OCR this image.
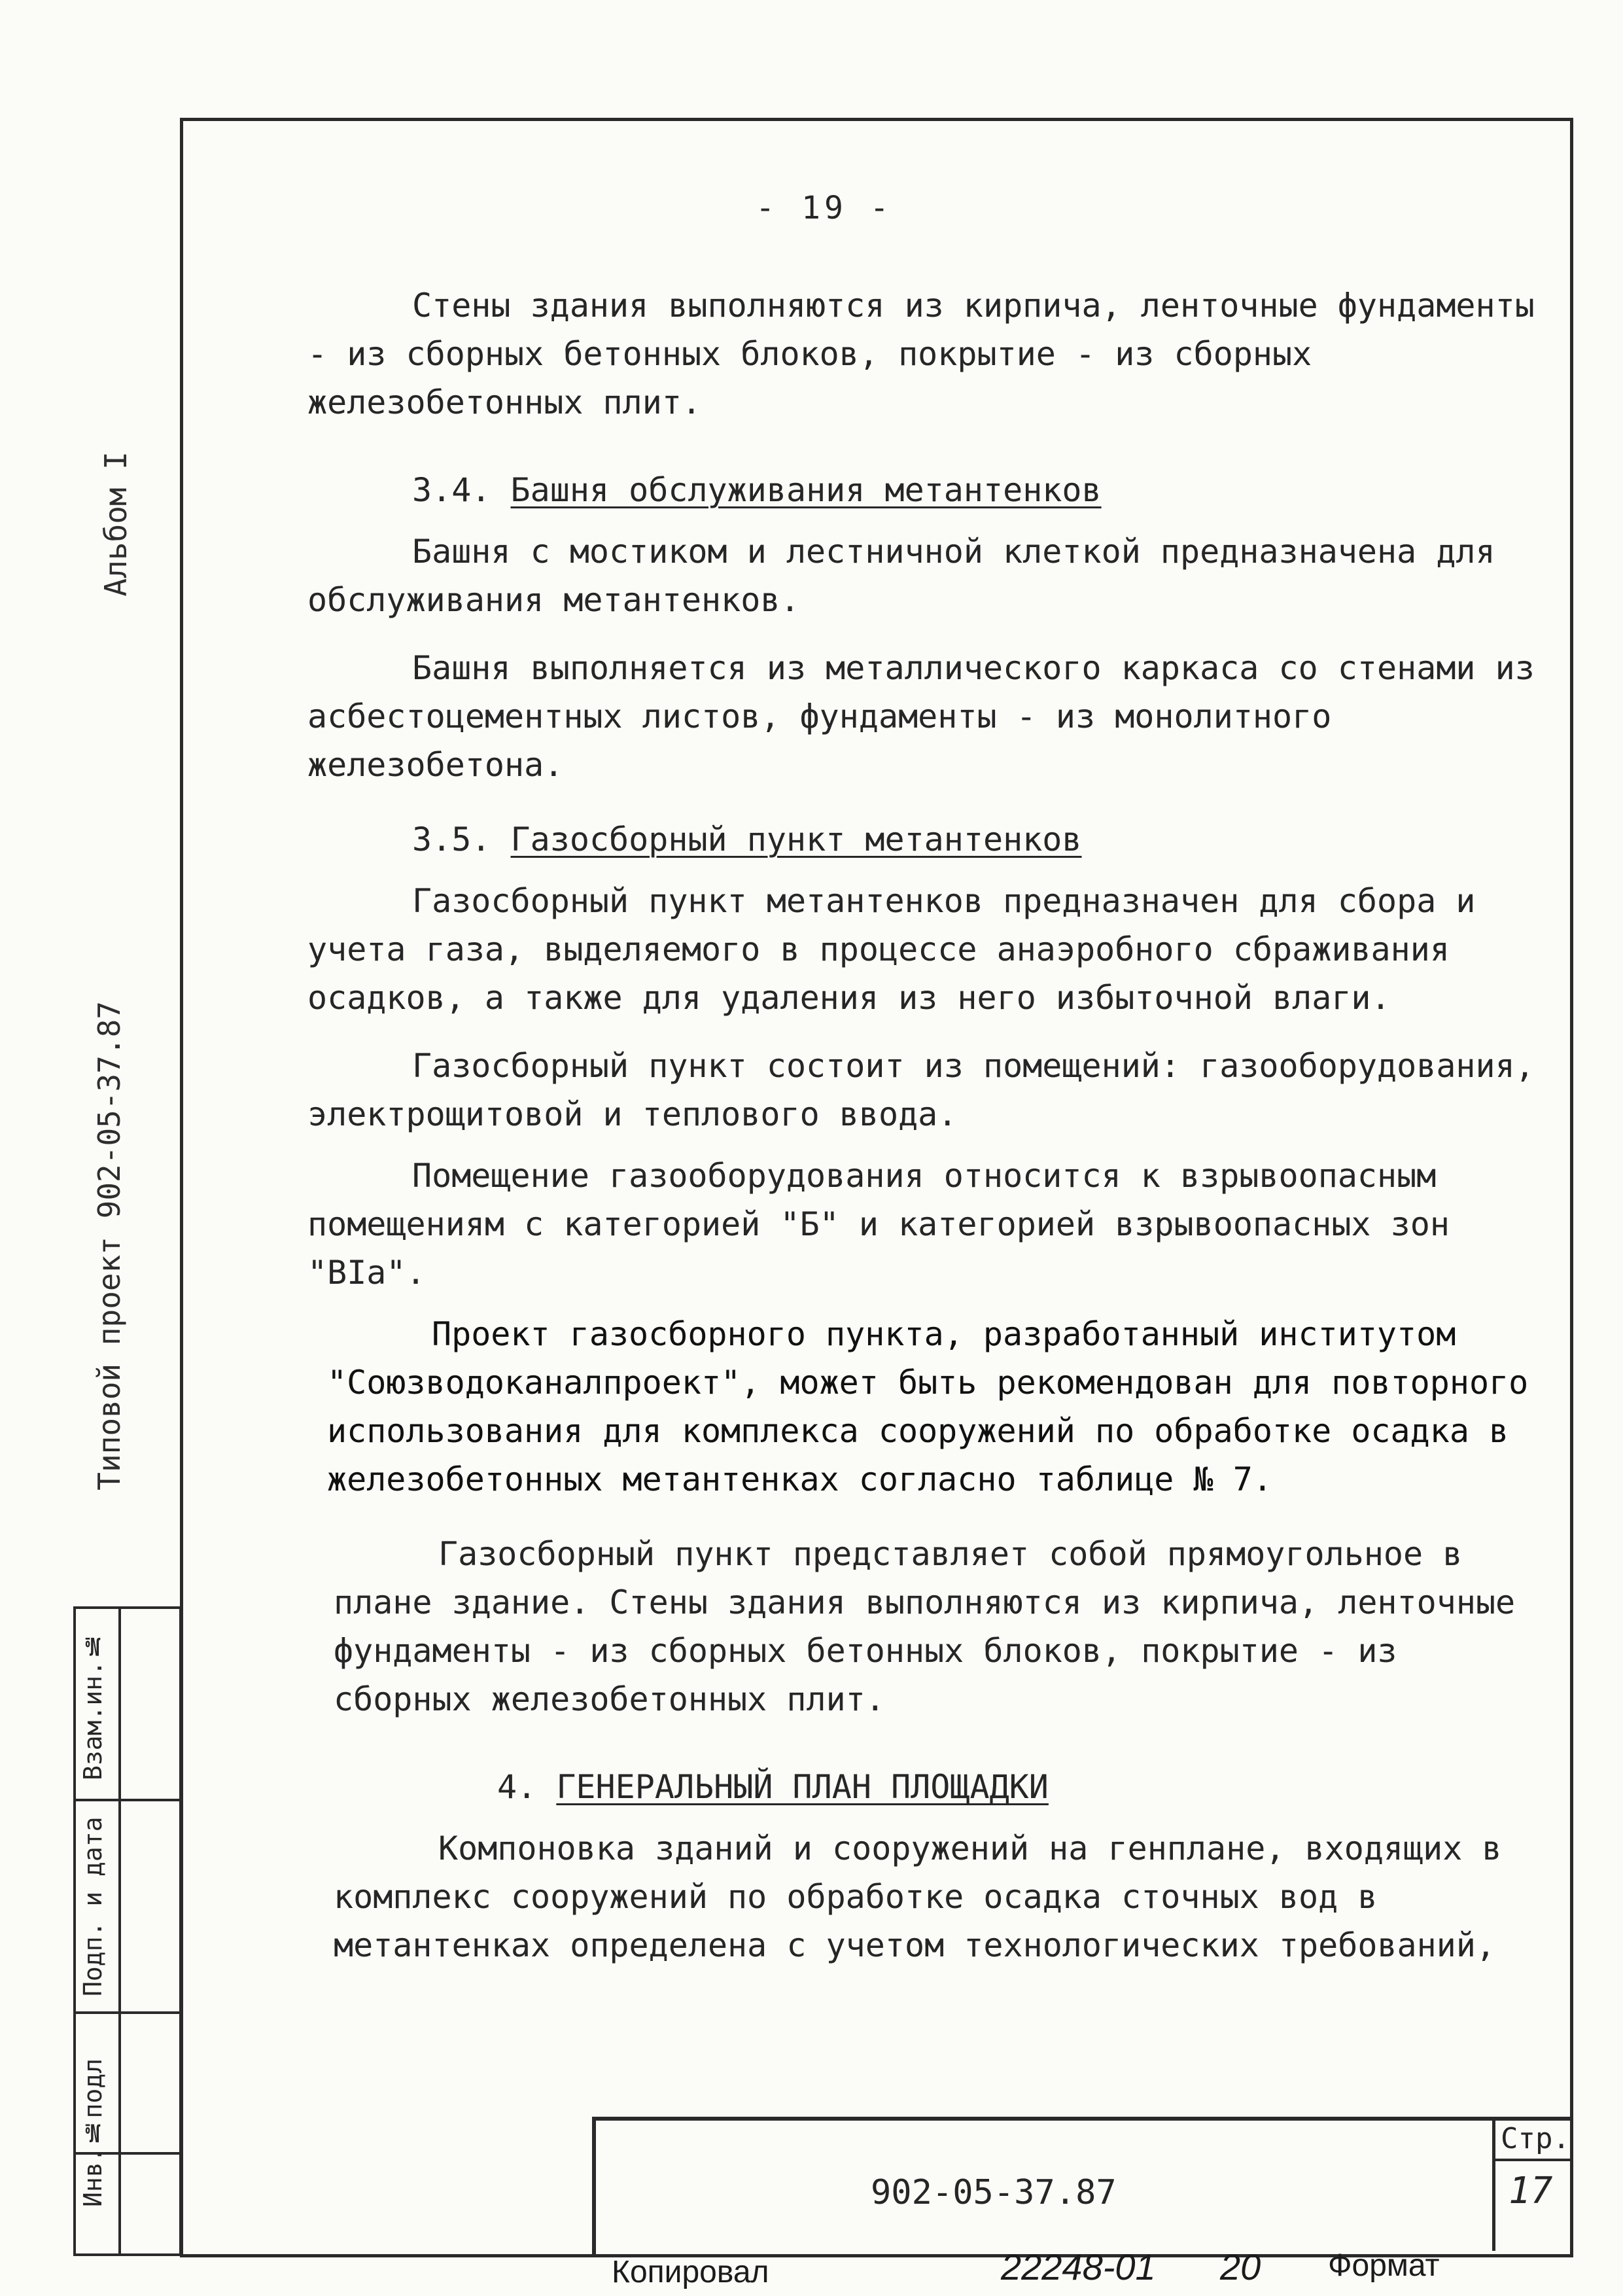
- 19 -
Альбом I
Типовой проект 902-05-37.87
Взам.ин.№
Подп. и дата
Инв.№подл

Стены здания выполняются из кирпича, ленточные фундаменты - из сборных бетонных блоков, покрытие - из сборных железобетонных плит.

3.4. Башня обслуживания метантенков

Башня с мостиком и лестничной клеткой предназначена для обслуживания метантенков.

Башня выполняется из металлического каркаса со стенами из асбестоцементных листов, фундаменты - из монолитного железобетона.

3.5. Газосборный пункт метантенков

Газосборный пункт метантенков предназначен для сбора и учета газа, выделяемого в процессе анаэробного сбраживания осадков, а также для удаления из него избыточной влаги.

Газосборный пункт состоит из помещений: газооборудования, электрощитовой и теплового ввода.

Помещение газооборудования относится к взрывоопасным помещениям с категорией "Б" и категорией взрывоопасных зон "BIa".

Проект газосборного пункта, разработанный институтом "Союзводоканалпроект", может быть рекомендован для повторного использования для комплекса сооружений по обработке осадка в железобетонных метантенках согласно таблице № 7.

Газосборный пункт представляет собой прямоугольное в плане здание. Стены здания выполняются из кирпича, ленточные фундаменты - из сборных бетонных блоков, покрытие - из сборных железобетонных плит.

4. ГЕНЕРАЛЬНЫЙ ПЛАН ПЛОЩАДКИ

Компоновка зданий и сооружений на генплане, входящих в комплекс сооружений по обработке осадка сточных вод в метантенках определена с учетом технологических требований,

902-05-37.87
Стр.
17
Копировал	22248-01 20 Формат
